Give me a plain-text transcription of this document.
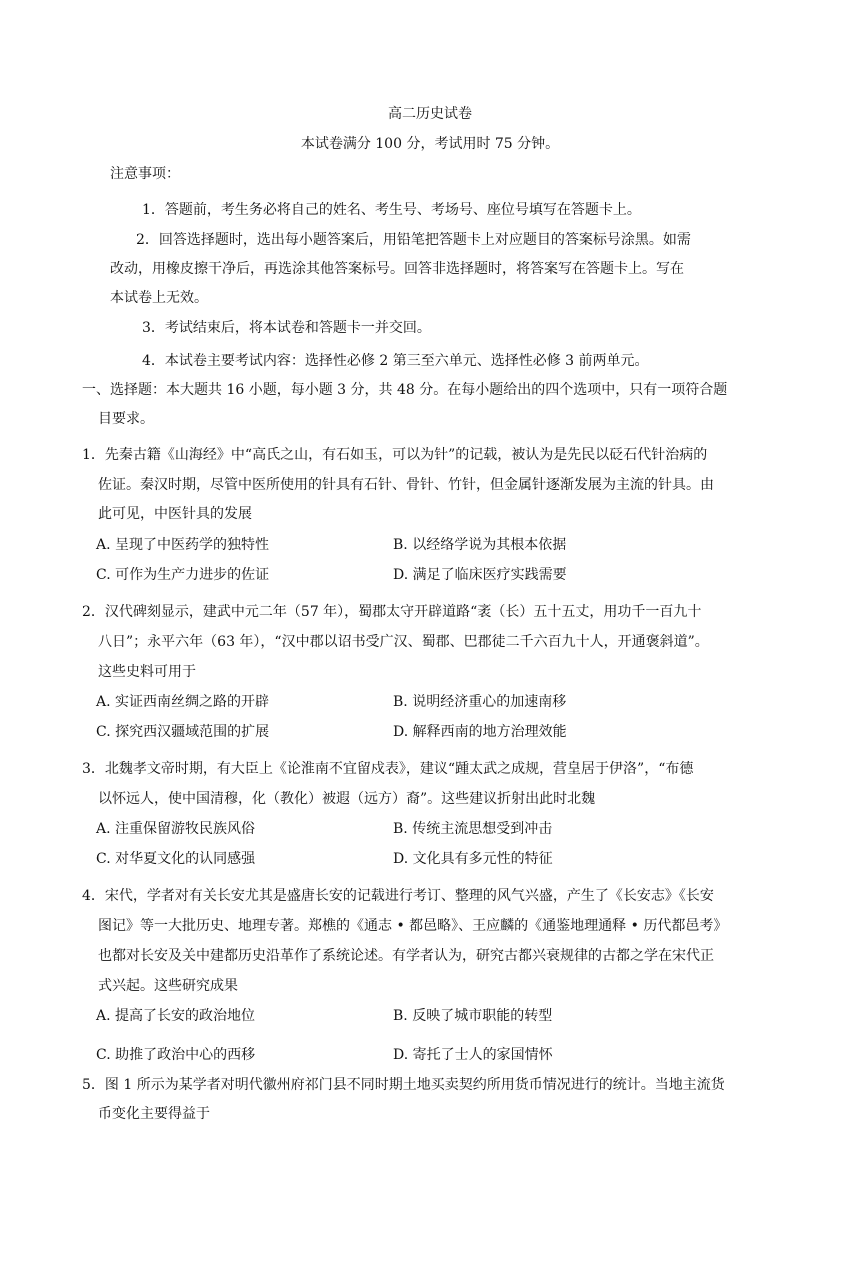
高二历史试卷
本试卷满分 100 分，考试用时 75 分钟。
注意事项：
1．答题前，考生务必将自己的姓名、考生号、考场号、座位号填写在答题卡上。
2．回答选择题时，选出每小题答案后，用铅笔把答题卡上对应题目的答案标号涂黑。如需
改动，用橡皮擦干净后，再选涂其他答案标号。回答非选择题时，将答案写在答题卡上。写在
本试卷上无效。
3．考试结束后，将本试卷和答题卡一并交回。
4．本试卷主要考试内容：选择性必修 2 第三至六单元、选择性必修 3 前两单元。
一、选择题：本大题共 16 小题，每小题 3 分，共 48 分。在每小题给出的四个选项中，只有一项符合题
目要求。
1．先秦古籍《山海经》中“高氏之山，有石如玉，可以为针”的记载，被认为是先民以砭石代针治病的
佐证。秦汉时期，尽管中医所使用的针具有石针、骨针、竹针，但金属针逐渐发展为主流的针具。由
此可见，中医针具的发展
A. 呈现了中医药学的独特性	B. 以经络学说为其根本依据
C. 可作为生产力进步的佐证	D. 满足了临床医疗实践需要
2．汉代碑刻显示，建武中元二年（57 年），蜀郡太守开辟道路“袤（长）五十五丈，用功千一百九十
八日”；永平六年（63 年），“汉中郡以诏书受广汉、蜀郡、巴郡徒二千六百九十人，开通褒斜道”。
这些史料可用于
A. 实证西南丝绸之路的开辟	B. 说明经济重心的加速南移
C. 探究西汉疆域范围的扩展	D. 解释西南的地方治理效能
3．北魏孝文帝时期，有大臣上《论淮南不宜留戍表》，建议“踵太武之成规，营皇居于伊洛”，“布德
以怀远人，使中国清穆，化（教化）被遐（远方）裔”。这些建议折射出此时北魏
A. 注重保留游牧民族风俗	B. 传统主流思想受到冲击
C. 对华夏文化的认同感强	D. 文化具有多元性的特征
4．宋代，学者对有关长安尤其是盛唐长安的记载进行考订、整理的风气兴盛，产生了《长安志》《长安
图记》等一大批历史、地理专著。郑樵的《通志 • 都邑略》、王应麟的《通鉴地理通释 • 历代都邑考》
也都对长安及关中建都历史沿革作了系统论述。有学者认为，研究古都兴衰规律的古都之学在宋代正
式兴起。这些研究成果
A. 提高了长安的政治地位	B. 反映了城市职能的转型
C. 助推了政治中心的西移	D. 寄托了士人的家国情怀
5．图 1 所示为某学者对明代徽州府祁门县不同时期土地买卖契约所用货币情况进行的统计。当地主流货
币变化主要得益于
